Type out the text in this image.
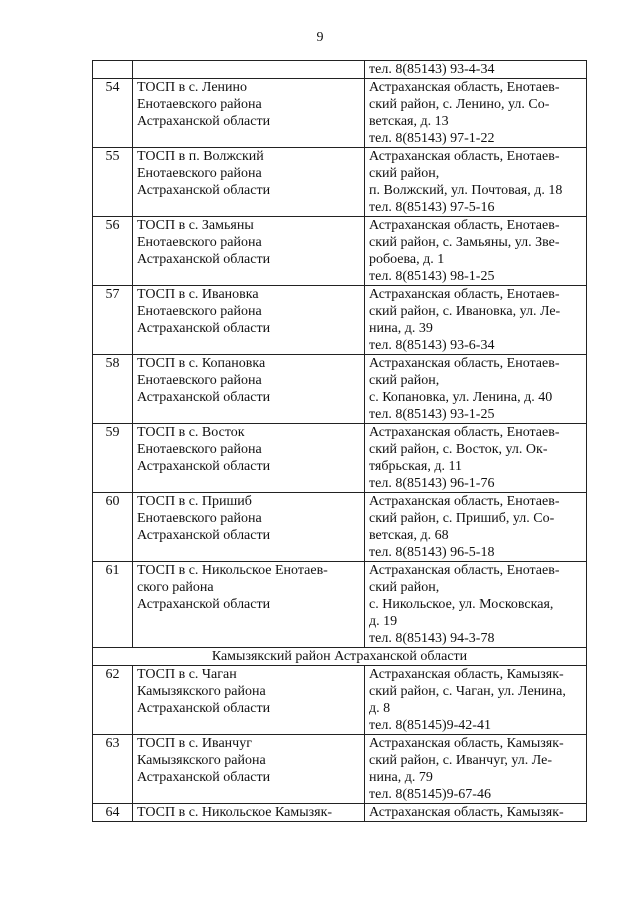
9
		тел. 8(85143) 93-4-34
54	ТОСП в с. Ленино
Енотаевского района
Астраханской области	Астраханская область, Енотаев-
ский район, с. Ленино, ул. Со-
ветская, д. 13
тел. 8(85143) 97-1-22
55	ТОСП в п. Волжский
Енотаевского района
Астраханской области	Астраханская область, Енотаев-
ский район,
п. Волжский, ул. Почтовая, д. 18
тел. 8(85143) 97-5-16
56	ТОСП в с. Замьяны
Енотаевского района
Астраханской области	Астраханская область, Енотаев-
ский район, с. Замьяны, ул. Зве-
робоева, д. 1
тел. 8(85143) 98-1-25
57	ТОСП в с. Ивановка
Енотаевского района
Астраханской области	Астраханская область, Енотаев-
ский район, с. Ивановка, ул. Ле-
нина, д. 39
тел. 8(85143) 93-6-34
58	ТОСП в с. Копановка
Енотаевского района
Астраханской области	Астраханская область, Енотаев-
ский район,
с. Копановка, ул. Ленина, д. 40
тел. 8(85143) 93-1-25
59	ТОСП в с. Восток
Енотаевского района
Астраханской области	Астраханская область, Енотаев-
ский район, с. Восток, ул. Ок-
тябрьская, д. 11
тел. 8(85143) 96-1-76
60	ТОСП в с. Пришиб
Енотаевского района
Астраханской области	Астраханская область, Енотаев-
ский район, с. Пришиб, ул. Со-
ветская, д. 68
тел. 8(85143) 96-5-18
61	ТОСП в с. Никольское Енотаев-
ского района
Астраханской области	Астраханская область, Енотаев-
ский район,
с. Никольское, ул. Московская,
д. 19
тел. 8(85143) 94-3-78
Камызякский район Астраханской области		
62	ТОСП в с. Чаган
Камызякского района
Астраханской области	Астраханская область, Камызяк-
ский район, с. Чаган, ул. Ленина,
д. 8
тел. 8(85145)9-42-41
63	ТОСП в с. Иванчуг
Камызякского района
Астраханской области	Астраханская область, Камызяк-
ский район, с. Иванчуг, ул. Ле-
нина, д. 79
тел. 8(85145)9-67-46
64	ТОСП в с. Никольское Камызяк-	Астраханская область, Камызяк-
